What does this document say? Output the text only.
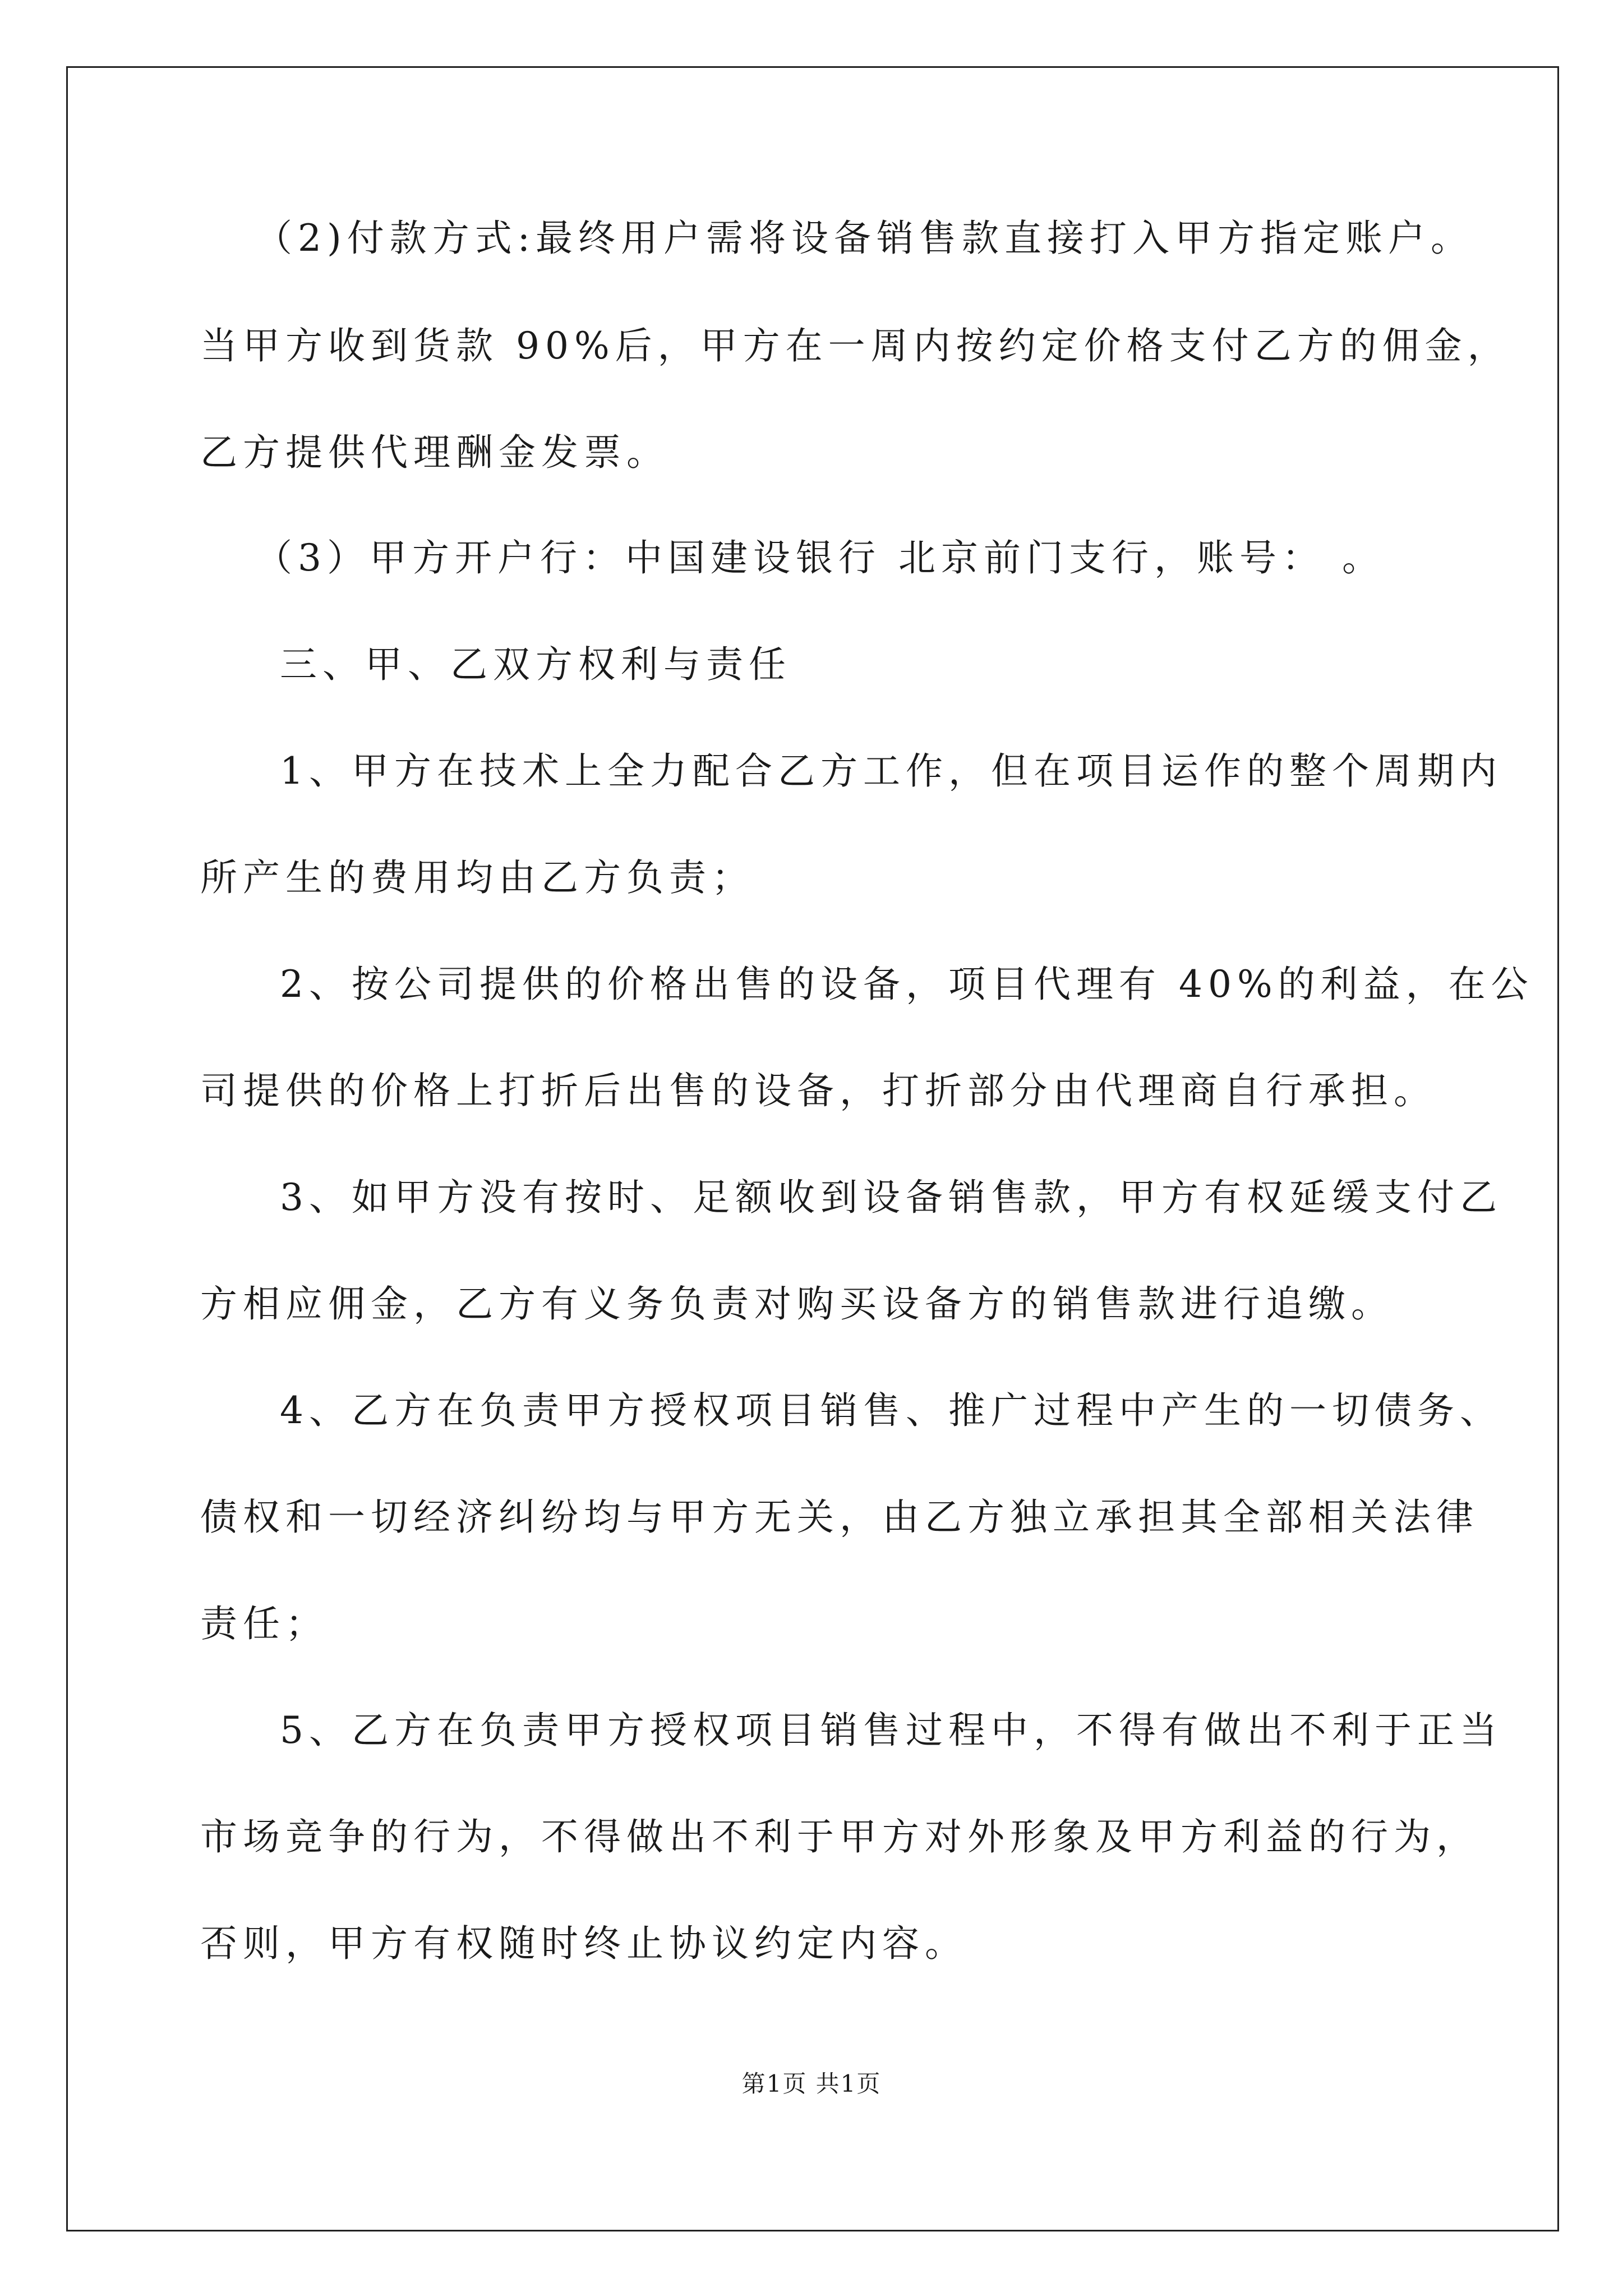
（2)付款方式:最终用户需将设备销售款直接打入甲方指定账户。
当甲方收到货款 90%后，甲方在一周内按约定价格支付乙方的佣金，
乙方提供代理酬金发票。
（3）甲方开户行：中国建设银行 北京前门支行，账号： 。
三、甲、乙双方权利与责任
1、甲方在技术上全力配合乙方工作，但在项目运作的整个周期内
所产生的费用均由乙方负责；
2、按公司提供的价格出售的设备，项目代理有 40%的利益，在公
司提供的价格上打折后出售的设备，打折部分由代理商自行承担。
3、如甲方没有按时、足额收到设备销售款，甲方有权延缓支付乙
方相应佣金，乙方有义务负责对购买设备方的销售款进行追缴。
4、乙方在负责甲方授权项目销售、推广过程中产生的一切债务、
债权和一切经济纠纷均与甲方无关，由乙方独立承担其全部相关法律
责任；
5、乙方在负责甲方授权项目销售过程中，不得有做出不利于正当
市场竞争的行为，不得做出不利于甲方对外形象及甲方利益的行为，
否则，甲方有权随时终止协议约定内容。
第1页 共1页
